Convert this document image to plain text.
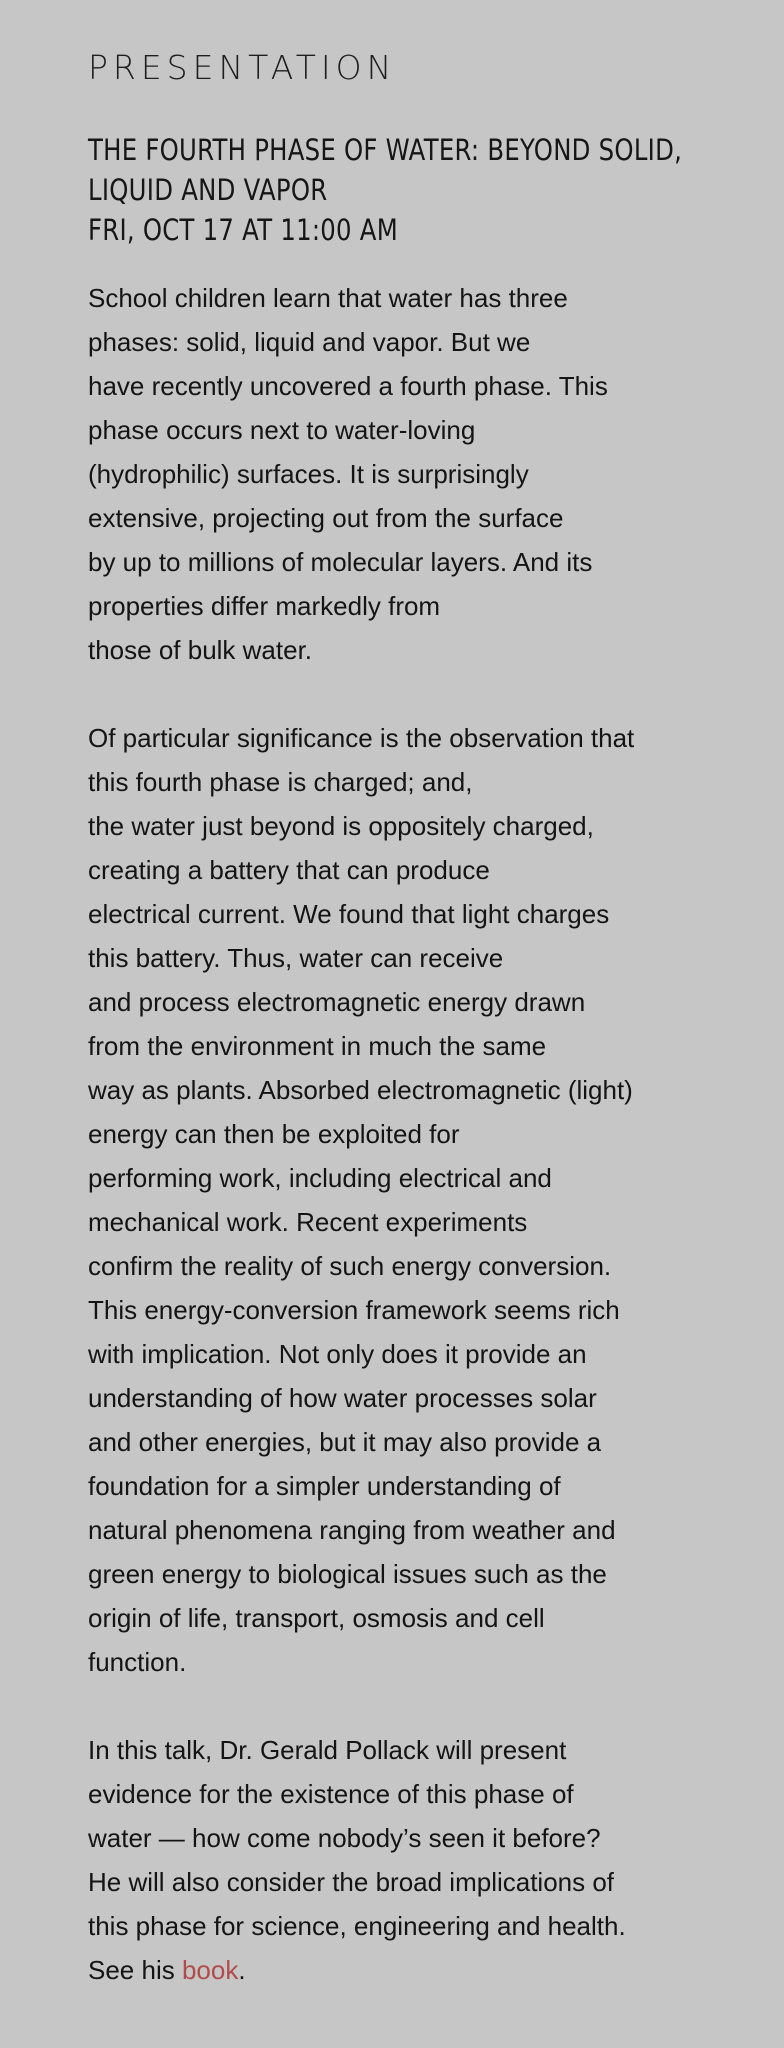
PRESENTATION
THE FOURTH PHASE OF WATER: BEYOND SOLID,
LIQUID AND VAPOR
FRI, OCT 17 AT 11:00 AM
School children learn that water has three
phases: solid, liquid and vapor. But we
have recently uncovered a fourth phase. This
phase occurs next to water-loving
(hydrophilic) surfaces. It is surprisingly
extensive, projecting out from the surface
by up to millions of molecular layers. And its
properties differ markedly from
those of bulk water.
Of particular significance is the observation that
this fourth phase is charged; and,
the water just beyond is oppositely charged,
creating a battery that can produce
electrical current. We found that light charges
this battery. Thus, water can receive
and process electromagnetic energy drawn
from the environment in much the same
way as plants. Absorbed electromagnetic (light)
energy can then be exploited for
performing work, including electrical and
mechanical work. Recent experiments
confirm the reality of such energy conversion.
This energy-conversion framework seems rich
with implication. Not only does it provide an
understanding of how water processes solar
and other energies, but it may also provide a
foundation for a simpler understanding of
natural phenomena ranging from weather and
green energy to biological issues such as the
origin of life, transport, osmosis and cell
function.
In this talk, Dr. Gerald Pollack will present
evidence for the existence of this phase of
water — how come nobody’s seen it before?
He will also consider the broad implications of
this phase for science, engineering and health.
See his book.
